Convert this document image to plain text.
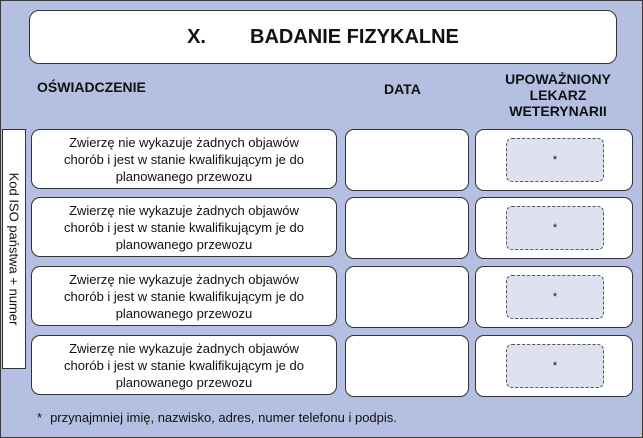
X. BADANIE FIZYKALNE
OŚWIADCZENIE	DATA
UPOWAŻNIONY
LEKARZ
WETERYNARII
Kod ISO państwa + numer
Zwierzę nie wykazuje żadnych objawów
chorób i jest w stanie kwalifikującym je do
planowanego przewozu
*
Zwierzę nie wykazuje żadnych objawów
chorób i jest w stanie kwalifikującym je do
planowanego przewozu
*
Zwierzę nie wykazuje żadnych objawów
chorób i jest w stanie kwalifikującym je do
planowanego przewozu
*
Zwierzę nie wykazuje żadnych objawów
chorób i jest w stanie kwalifikującym je do
planowanego przewozu
*
* przynajmniej imię, nazwisko, adres, numer telefonu i podpis.
